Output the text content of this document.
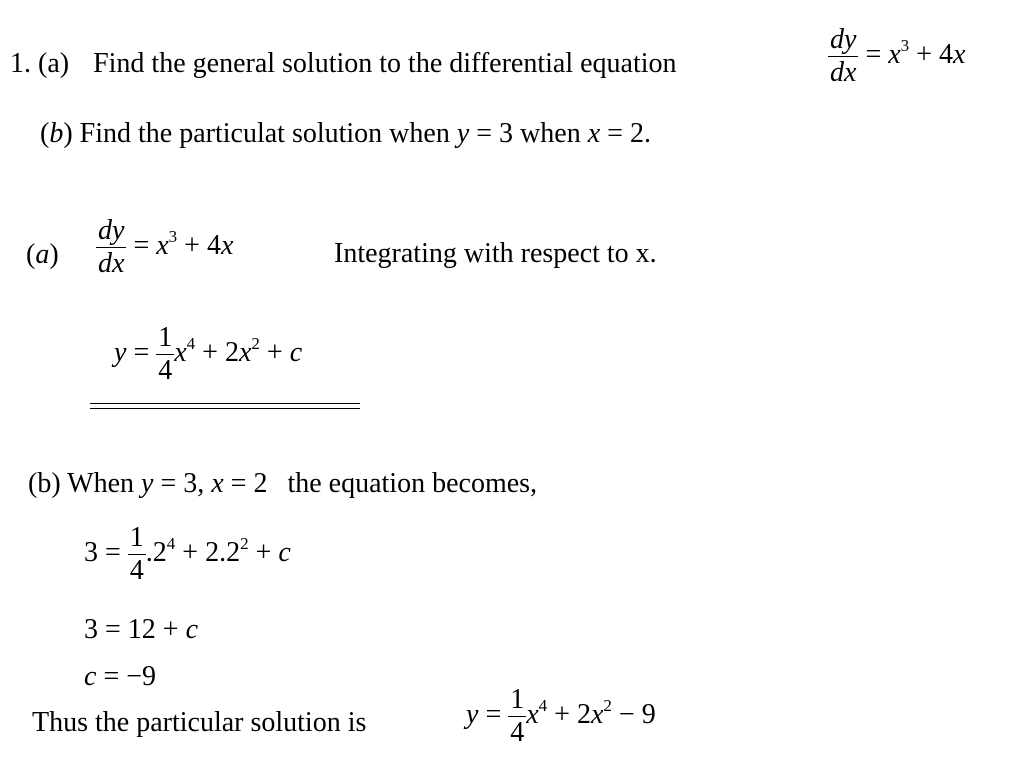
1. (a) Find the general solution to the differential equation	$\frac{dy}{dx} = x^3 + 4x$
(b) Find the particulat solution when y = 3 when x = 2.
$(a) \frac{dy}{dx} = x^3 + 4x$	Integrating with respect to x.
$y = \frac{1}{4} x^4 + 2x^2 + c$
(b) When y = 3, x = 2 the equation becomes,
$3 = \frac{1}{4} .2^4 + 2.2^2 + c$
3 = 12 + c
c = −9
Thus the particular solution is	$y = \frac{1}{4} x^4 + 2x^2 - 9$
